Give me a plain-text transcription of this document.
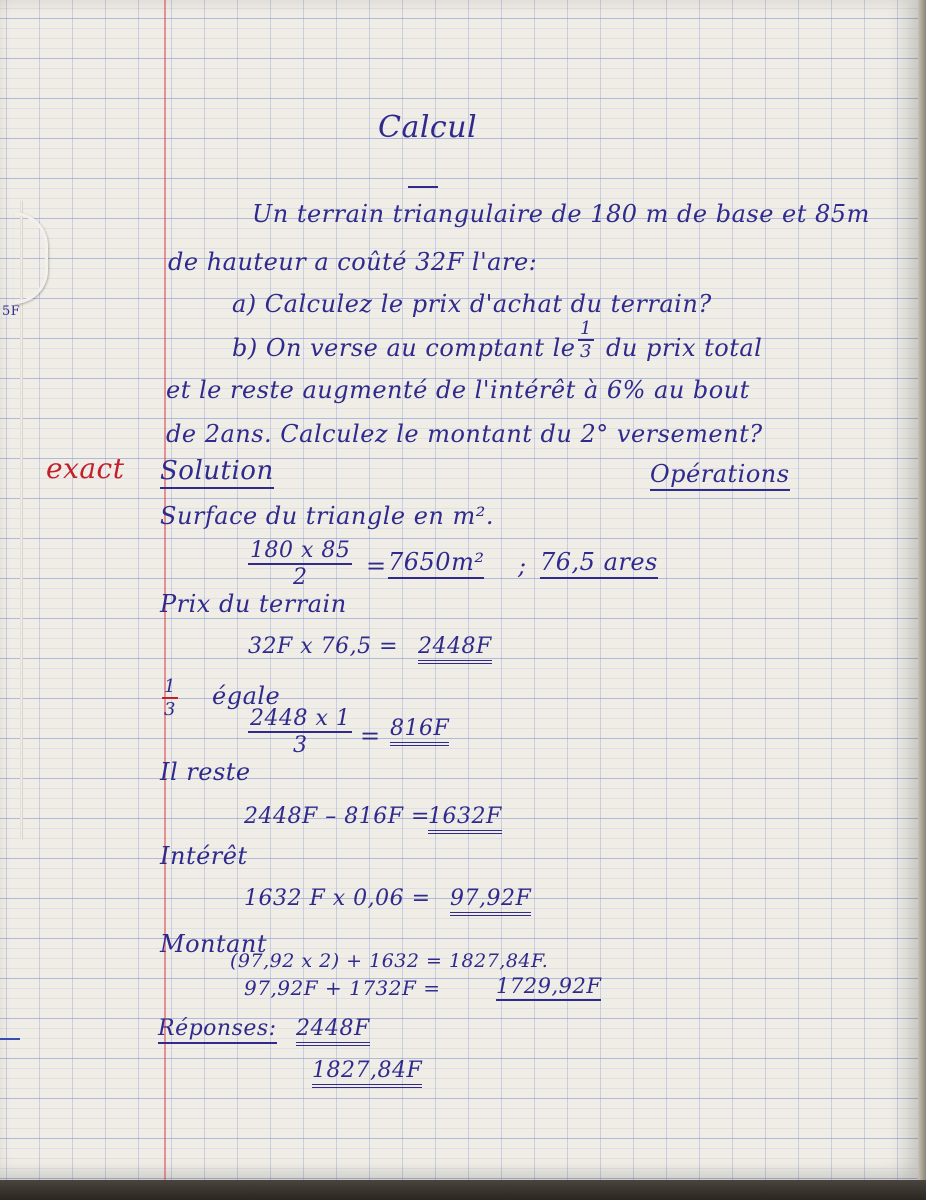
5F
Calcul
Un terrain triangulaire de 180 m de base et 85m
de hauteur a coûté 32F l'are:
a) Calculez le prix d'achat du terrain?
b) On verse au comptant le $\frac{1}{3}$ du prix total
et le reste augmenté de l'intérêt à 6% au bout
de 2ans. Calculez le montant du 2° versement?
exact Solution	Opérations
Surface du triangle en m².
$\frac{180 x 85}{2} = 7650m^2$ ; 76,5 ares
Prix du terrain
32F x 76,5 = 2448F
$\frac{1}{3}$ égale
$\frac{2448 x 1}{3} = 816F$
Il reste
2448F – 816F =
1632F
Intérêt
1632 F x 0,06 = 97,92F
Montant
(97,92 x 2) + 1632 = 1827,84F.
97,92F + 1732F =	1729,92F
Réponses: 2448F
1827,84F
